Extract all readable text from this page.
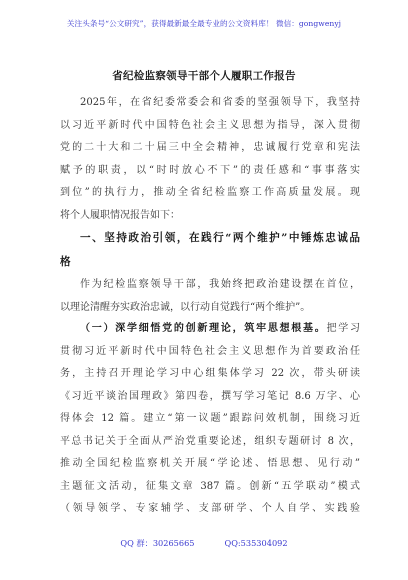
关注头条号“公文研究”，获得最新最全最专业的公文资料库！ 微信：gongwenyj
省纪检监察领导干部个人履职工作报告
2025年，在省纪委常委会和省委的坚强领导下，我坚持
以习近平新时代中国特色社会主义思想为指导，深入贯彻
党的二十大和二十届三中全会精神，忠诚履行党章和宪法
赋予的职责，以“时时放心不下”的责任感和“事事落实
到位”的执行力，推动全省纪检监察工作高质量发展。现
将个人履职情况报告如下：
一、坚持政治引领，在践行“两个维护”中锤炼忠诚品
格
作为纪检监察领导干部，我始终把政治建设摆在首位，
以理论清醒夯实政治忠诚，以行动自觉践行“两个维护”。
（一）深学细悟党的创新理论，筑牢思想根基。把学习
贯彻习近平新时代中国特色社会主义思想作为首要政治任
务，主持召开理论学习中心组集体学习 22 次，带头研读
《习近平谈治国理政》第四卷，撰写学习笔记 8.6 万字、心
得体会 12 篇。建立“第一议题”跟踪问效机制，围绕习近
平总书记关于全面从严治党重要论述，组织专题研讨 8 次，
推动全国纪检监察机关开展“学论述、悟思想、见行动”
主题征文活动，征集文章 387 篇。创新“五学联动”模式
（领导领学、专家辅学、支部研学、个人自学、实践验
QQ 群：30265665	QQ:535304092
